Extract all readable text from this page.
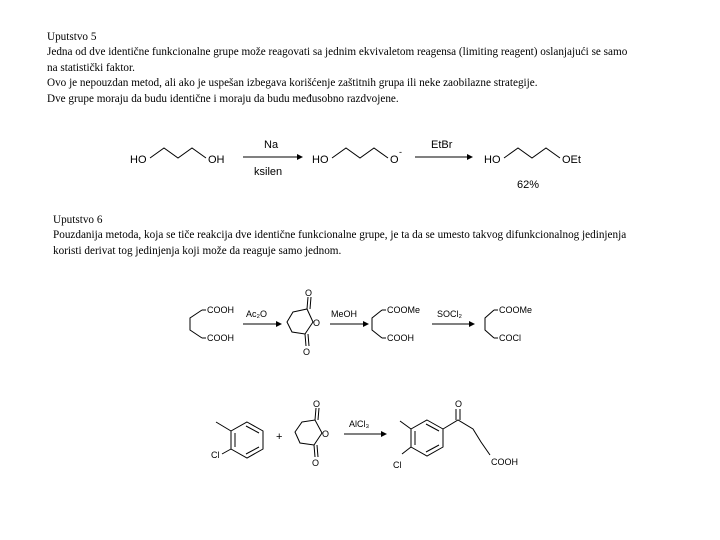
Uputstvo 5
Jedna od dve identične funkcionalne grupe može reagovati sa jednim ekvivaletom reagensa (limiting reagent) oslanjajući se samo
na statistički faktor.
Ovo je nepouzdan metod, ali ako je uspešan izbegava korišćenje zaštitnih grupa ili neke zaobilazne strategije.
Dve grupe moraju da budu identične i moraju da budu međusobno razdvojene.
Uputstvo 6
Pouzdanija metoda, koja se tiče reakcija dve identične funkcionalne grupe, je ta da se umesto takvog difunkcionalnog jedinjenja
koristi derivat tog jedinjenja koji može da reaguje samo jednom.
HO	OH
Na
ksilen
HO	O
-
EtBr
HO	OEt
62%
COOH
COOH
Ac₂O
O
O
O
MeOH	COOMe
COOH
SOCl₂	COOMe
COCl
Cl
+
O
O
O
AlCl₃
Cl
O
COOH
